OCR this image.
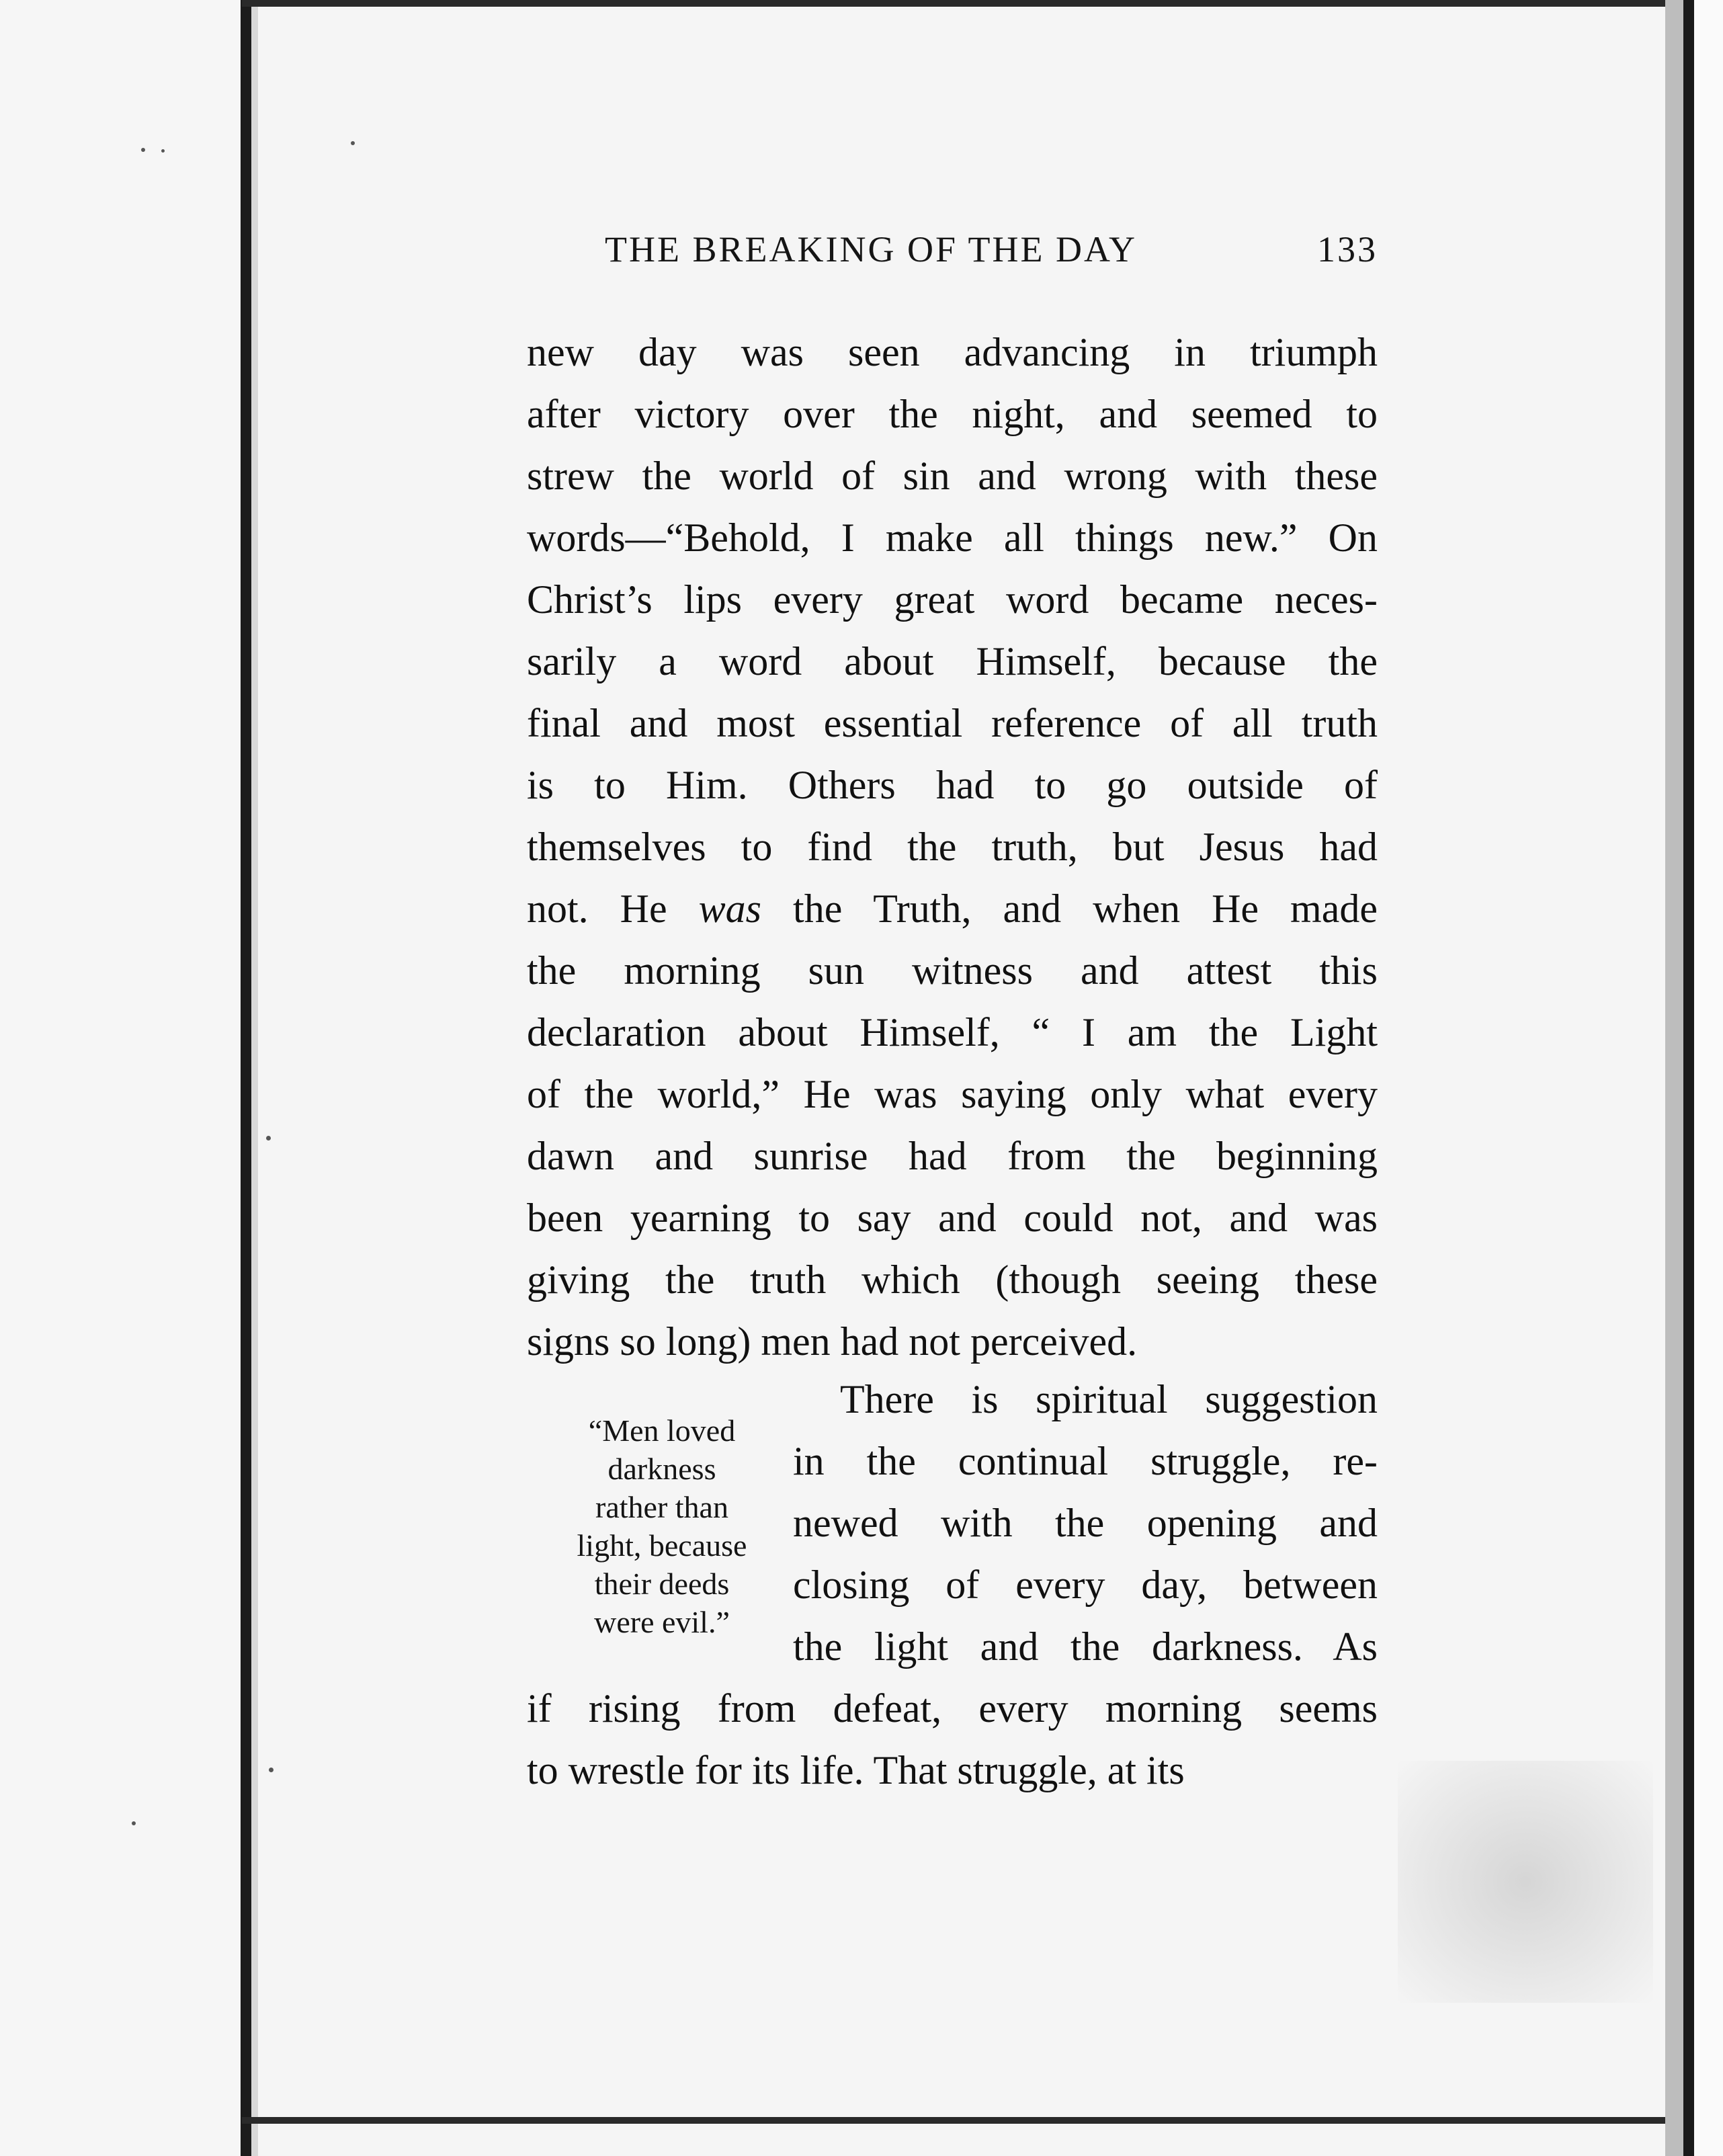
THE BREAKING OF THE DAY	133
new day was seen advancing in triumph
after victory over the night, and seemed to
strew the world of sin and wrong with these
words—“Behold, I make all things new.” On
Christ’s lips every great word became neces-
sarily a word about Himself, because the
final and most essential reference of all truth
is to Him. Others had to go outside of
themselves to find the truth, but Jesus had
not. He was the Truth, and when He made
the morning sun witness and attest this
declaration about Himself, “ I am the Light
of the world,” He was saying only what every
dawn and sunrise had from the beginning
been yearning to say and could not, and was
giving the truth which (though seeing these
signs so long) men had not perceived.
There is spiritual suggestion
in the continual struggle, re-
newed with the opening and
closing of every day, between
the light and the darkness. As
if rising from defeat, every morning seems
to wrestle for its life. That struggle, at its
“Men loved
darkness
rather than
light, because
their deeds
were evil.”
